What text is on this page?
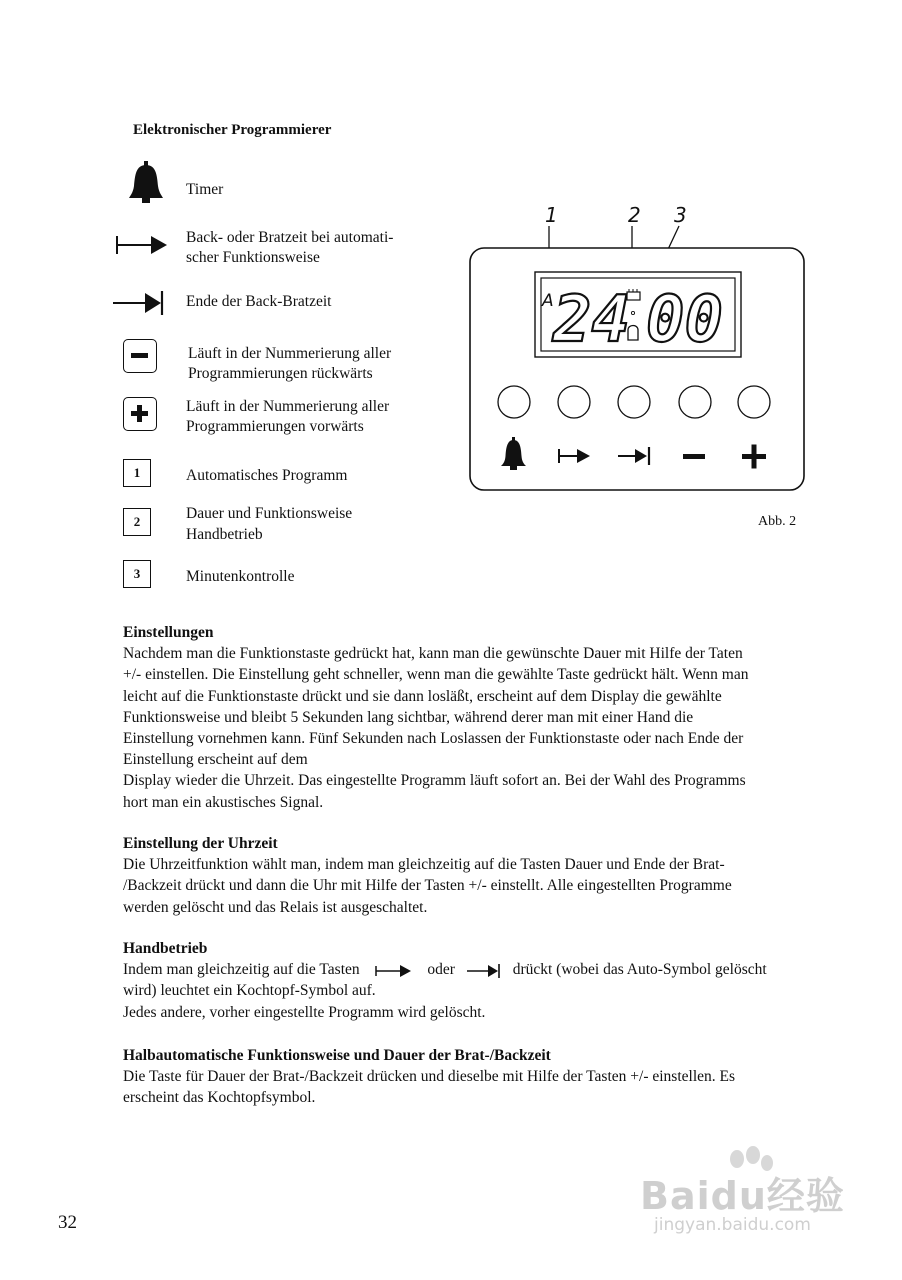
Elektronischer Programmierer
1
2
3
Timer
Back- oder Bratzeit bei automati-
scher Funktionsweise
Ende der Back-Bratzeit
Läuft in der Nummerierung aller
Programmierungen rückwärts
Läuft in der Nummerierung aller
Programmierungen vorwärts
Automatisches Programm
Dauer und Funktionsweise
Handbetrieb
Minutenkontrolle
1	2 3
A 24 00
Abb. 2
Einstellungen

Nachdem man die Funktionstaste gedrückt hat, kann man die gewünschte Dauer mit Hilfe der Taten

+/- einstellen. Die Einstellung geht schneller, wenn man die gewählte Taste gedrückt hält. Wenn man

leicht auf die Funktionstaste drückt und sie dann losläßt, erscheint auf dem Display die gewählte

Funktionsweise und bleibt 5 Sekunden lang sichtbar, während derer man mit einer Hand die

Einstellung vornehmen kann. Fünf Sekunden nach Loslassen der Funktionstaste oder nach Ende der

Einstellung erscheint auf dem

Display wieder die Uhrzeit. Das eingestellte Programm läuft sofort an. Bei der Wahl des Programms

hort man ein akustisches Signal.

Einstellung der Uhrzeit

Die Uhrzeitfunktion wählt man, indem man gleichzeitig auf die Tasten Dauer und Ende der Brat-

/Backzeit drückt und dann die Uhr mit Hilfe der Tasten +/- einstellt. Alle eingestellten Programme

werden gelöscht und das Relais ist ausgeschaltet.

Handbetrieb

Indem man gleichzeitig auf die Tasten	oder	drückt (wobei das Auto-Symbol gelöscht

wird) leuchtet ein Kochtopf-Symbol auf.

Jedes andere, vorher eingestellte Programm wird gelöscht.

Halbautomatische Funktionsweise und Dauer der Brat-/Backzeit

Die Taste für Dauer der Brat-/Backzeit drücken und dieselbe mit Hilfe der Tasten +/- einstellen. Es

erscheint das Kochtopfsymbol.

32
Baidu经验
jingyan.baidu.com
